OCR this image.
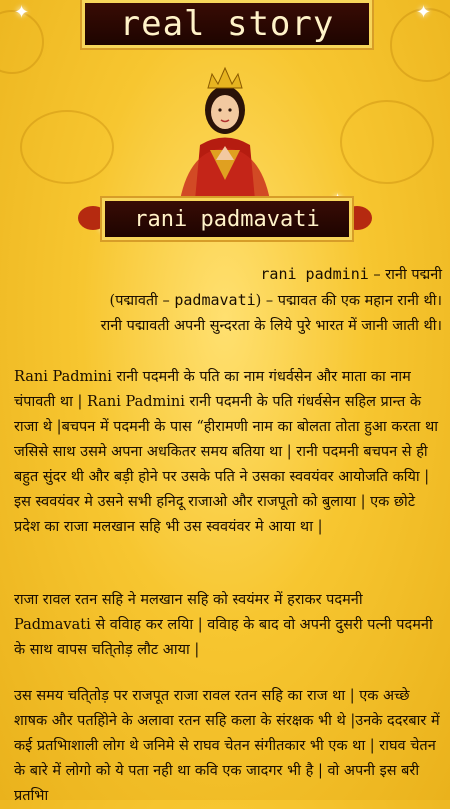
real story
✦	✦
rani padmavati
rani padmini – रानी पद्मनी
(पद्मावती – padmavati) – पद्मावत की एक महान रानी थी।
रानी पद्मावती अपनी सुन्दरता के लिये पुरे भारत में जानी जाती थी।
Rani Padmini रानी पदमनी के पति का नाम गंधर्वसेन और माता का नाम चंपावती था | Rani Padmini रानी पदमनी के पति गंधर्वसेन सहिल प्रान्त के राजा थे |बचपन में पदमनी के पास “हीरामणी नाम का बोलता तोता हुआ करता था जसिसे साथ उसमे अपना अधकितर समय बतिया था | रानी पदमनी बचपन से ही बहुत सुंदर थी और बड़ी होने पर उसके पति ने उसका स्ववयंवर आयोजति कयिा | इस स्ववयंवर मे उसने सभी हनिदू राजाओ और राजपूतो को बुलाया | एक छोटे प्रदेश का राजा मलखान सहि भी उस स्ववयंवर मे आया था |
राजा रावल रतन सहि ने मलखान सहि को स्वयंमर में हराकर पदमनी Padmavati से ववािह कर लयिा | ववािह के बाद वो अपनी दुसरी पत्नी पदमनी के साथ वापस चति्तोड़ लौट आया |
उस समय चति्तोड़ पर राजपूत राजा रावल रतन सहि का राज था | एक अच्छे शाषक और पतहिोने के अलावा रतन सहि कला के संरक्षक भी थे |उनके ददरबार में कई प्रतभिाशाली लोग थे जनिमे से राघव चेतन संगीतकार भी एक था | राघव चेतन के बारे में लोगो को ये पता नही था कवि एक जादगर भी है | वो अपनी इस बरी प्रतभिा
